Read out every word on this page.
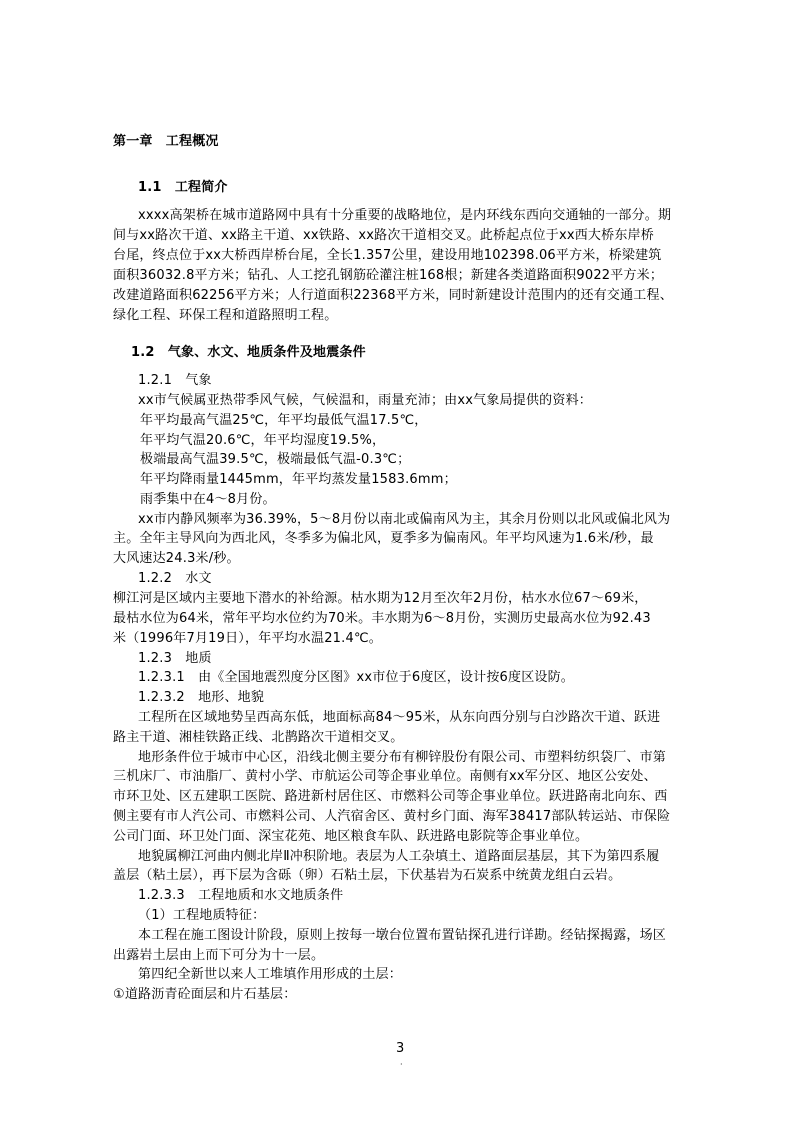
第一章　工程概况
1.1　工程简介
xxxx高架桥在城市道路网中具有十分重要的战略地位，是内环线东西向交通轴的一部分。期
间与xx路次干道、xx路主干道、xx铁路、xx路次干道相交叉。此桥起点位于xx西大桥东岸桥
台尾，终点位于xx大桥西岸桥台尾，全长1.357公里，建设用地102398.06平方米，桥梁建筑
面积36032.8平方米；钻孔、人工挖孔钢筋砼灌注桩168根；新建各类道路面积9022平方米；
改建道路面积62256平方米；人行道面积22368平方米，同时新建设计范围内的还有交通工程、
绿化工程、环保工程和道路照明工程。
1.2　气象、水文、地质条件及地震条件
1.2.1　气象
xx市气候属亚热带季风气候，气候温和，雨量充沛；由xx气象局提供的资料：
年平均最高气温25℃，年平均最低气温17.5℃，
年平均气温20.6℃，年平均湿度19.5%，
极端最高气温39.5℃，极端最低气温-0.3℃；
年平均降雨量1445mm，年平均蒸发量1583.6mm；
雨季集中在4～8月份。
xx市内静风频率为36.39%，5～8月份以南北或偏南风为主，其余月份则以北风或偏北风为
主。全年主导风向为西北风，冬季多为偏北风，夏季多为偏南风。年平均风速为1.6米/秒，最
大风速达24.3米/秒。
1.2.2　水文
柳江河是区域内主要地下潜水的补给源。枯水期为12月至次年2月份，枯水水位67～69米，
最枯水位为64米，常年平均水位约为70米。丰水期为6～8月份，实测历史最高水位为92.43
米（1996年7月19日），年平均水温21.4℃。
1.2.3　地质
1.2.3.1　由《全国地震烈度分区图》xx市位于6度区，设计按6度区设防。
1.2.3.2　地形、地貌
工程所在区域地势呈西高东低，地面标高84～95米，从东向西分别与白沙路次干道、跃进
路主干道、湘桂铁路正线、北鹊路次干道相交叉。
地形条件位于城市中心区，沿线北侧主要分布有柳锌股份有限公司、市塑料纺织袋厂、市第
三机床厂、市油脂厂、黄村小学、市航运公司等企事业单位。南侧有xx军分区、地区公安处、
市环卫处、区五建职工医院、路进新村居住区、市燃料公司等企事业单位。跃进路南北向东、西
侧主要有市人汽公司、市燃料公司、人汽宿舍区、黄村乡门面、海军38417部队转运站、市保险
公司门面、环卫处门面、深宝花苑、地区粮食车队、跃进路电影院等企事业单位。
地貌属柳江河曲内侧北岸Ⅱ冲积阶地。表层为人工杂填土、道路面层基层，其下为第四系履
盖层（粘土层），再下层为含砾（卵）石粘土层，下伏基岩为石炭系中统黄龙组白云岩。
1.2.3.3　工程地质和水文地质条件
（1）工程地质特征：
本工程在施工图设计阶段，原则上按每一墩台位置布置钻探孔进行详勘。经钻探揭露，场区
出露岩土层由上而下可分为十一层。
第四纪全新世以来人工堆填作用形成的土层：
①道路沥青砼面层和片石基层：
3
·
